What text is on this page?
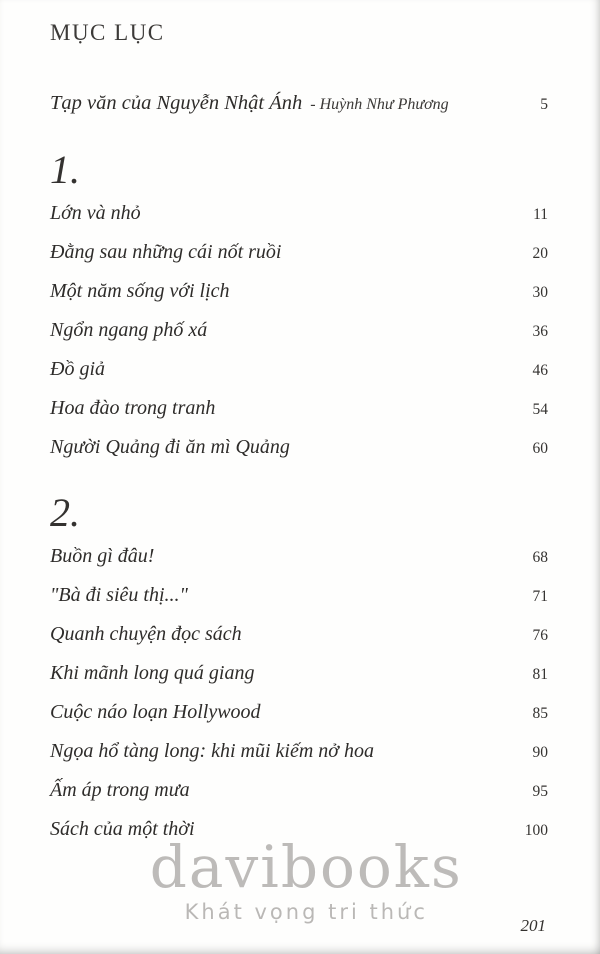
MỤC LỤC
Tạp văn của Nguyễn Nhật Ánh - Huỳnh Như Phương	5
1.
Lớn và nhỏ	11
Đằng sau những cái nốt ruồi	20
Một năm sống với lịch	30
Ngổn ngang phố xá	36
Đồ giả	46
Hoa đào trong tranh	54
Người Quảng đi ăn mì Quảng	60
2.
Buồn gì đâu!	68
"Bà đi siêu thị..."	71
Quanh chuyện đọc sách	76
Khi mãnh long quá giang	81
Cuộc náo loạn Hollywood	85
Ngọa hổ tàng long: khi mũi kiếm nở hoa	90
Ấm áp trong mưa	95
Sách của một thời	100
davibooks
Khát vọng tri thức
201
